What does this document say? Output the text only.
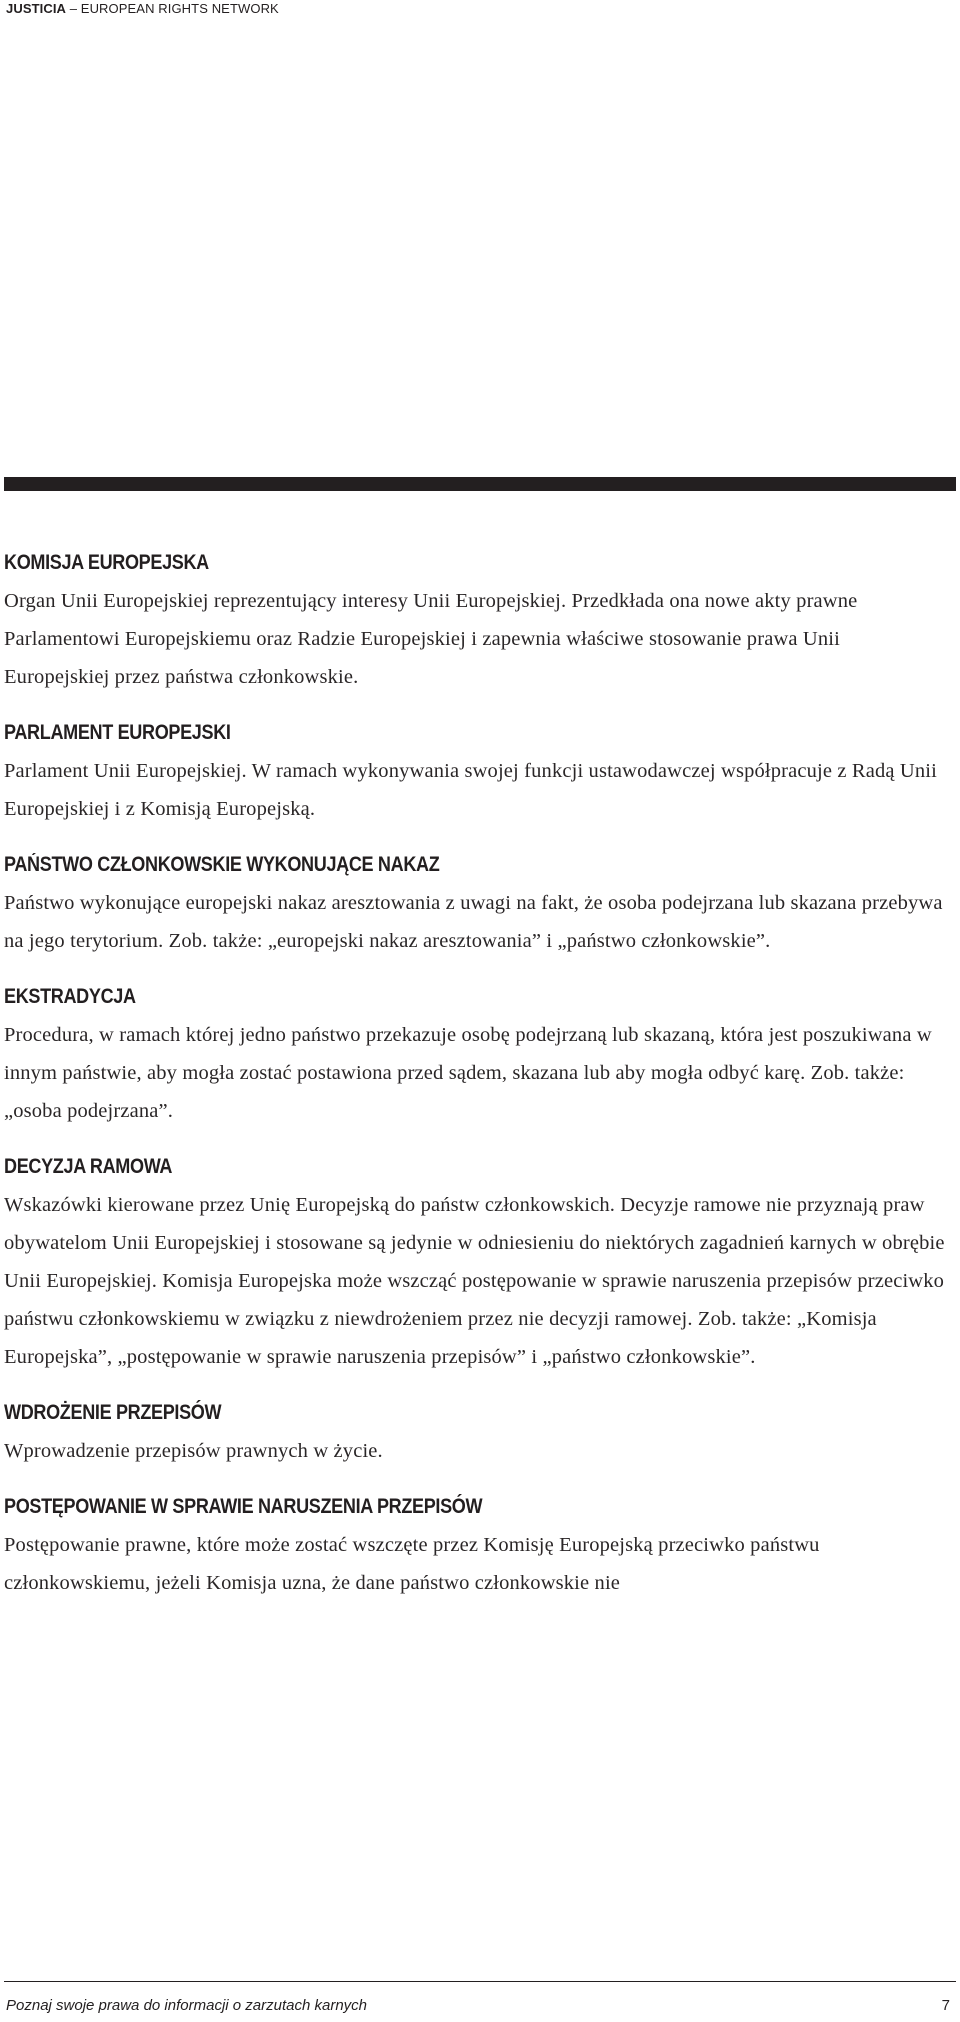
JUSTICIA – EUROPEAN RIGHTS NETWORK
KOMISJA EUROPEJSKA

Organ Unii Europejskiej reprezentujący interesy Unii Europejskiej. Przedkłada ona nowe akty prawne Parlamentowi Europejskiemu oraz Radzie Europejskiej i zapewnia właściwe stosowanie prawa Unii Europejskiej przez państwa członkowskie.

PARLAMENT EUROPEJSKI

Parlament Unii Europejskiej. W ramach wykonywania swojej funkcji ustawodawczej współpracuje z Radą Unii Europejskiej i z Komisją Europejską.

PAŃSTWO CZŁONKOWSKIE WYKONUJĄCE NAKAZ

Państwo wykonujące europejski nakaz aresztowania z uwagi na fakt, że osoba podejrzana lub skazana przebywa na jego terytorium. Zob. także: „europejski nakaz aresztowania” i „państwo członkowskie”.

EKSTRADYCJA

Procedura, w ramach której jedno państwo przekazuje osobę podejrzaną lub skazaną, która jest poszukiwana w innym państwie, aby mogła zostać postawiona przed sądem, skazana lub aby mogła odbyć karę. Zob. także: „osoba podejrzana”.

DECYZJA RAMOWA

Wskazówki kierowane przez Unię Europejską do państw członkowskich. Decyzje ramowe nie przyznają praw obywatelom Unii Europejskiej i stosowane są jedynie w odniesieniu do niektórych zagadnień karnych w obrębie Unii Europejskiej. Komisja Europejska może wszcząć postępowanie w sprawie naruszenia przepisów przeciwko państwu członkowskiemu w związku z niewdrożeniem przez nie decyzji ramowej. Zob. także: „Komisja Europejska”, „postępowanie w sprawie naruszenia przepisów” i „państwo członkowskie”.

WDROŻENIE PRZEPISÓW

Wprowadzenie przepisów prawnych w życie.

POSTĘPOWANIE W SPRAWIE NARUSZENIA PRZEPISÓW

Postępowanie prawne, które może zostać wszczęte przez Komisję Europejską przeciwko państwu członkowskiemu, jeżeli Komisja uzna, że dane państwo członkowskie nie

Poznaj swoje prawa do informacji o zarzutach karnych	7
